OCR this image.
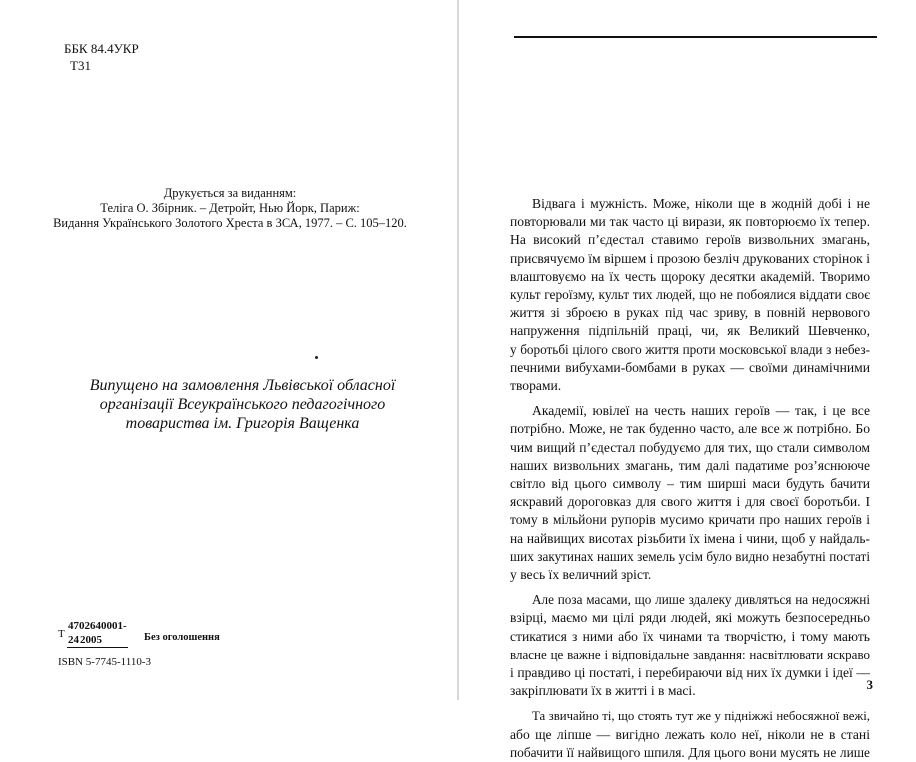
ББК 84.4УКР
Т31
Друкується за виданням:
Теліга О. Збірник. – Детройт, Нью Йорк, Париж:
Видання Українського Золотого Хреста в ЗСА, 1977. – С. 105–120.
Випущено на замовлення Львівської обласної
організації Всеукраїнського педагогічного
товариства ім. Григорія Ващенка
Т
4702640001-24 2005	Без оголошення
ISBN 5-7745-1110-3
Відвага і мужність. Може, ніколи ще в жодній добі і не
повторювали ми так часто ці вирази, як повторюємо їх тепер.
На високий п’єдестал ставимо героїв визвольних змагань,
присвячуємо їм віршем і прозою безліч друкованих сторінок і
влаштовуємо на їх честь щороку десятки академій. Творимо
культ героїзму, культ тих людей, що не побоялися віддати своє
життя зі зброєю в руках під час зриву, в повній нервового
напруження підпільній праці, чи, як Великий Шевченко,
у боротьбі цілого свого життя проти московської влади з небез-
печними вибухами-бомбами в руках — своїми динамічними
творами.
Академії, ювілеї на честь наших героїв — так, і це все
потрібно. Може, не так буденно часто, але все ж потрібно. Бо
чим вищий п’єдестал побудуємо для тих, що стали символом
наших визвольних змагань, тим далі падатиме роз’яснююче
світло від цього символу – тим ширші маси будуть бачити
яскравий дороговказ для свого життя і для своєї боротьби. І
тому в мільйони рупорів мусимо кричати про наших героїв і
на найвищих висотах різьбити їх імена і чини, щоб у найдаль-
ших закутинах наших земель усім було видно незабутні постаті
у весь їх величний зріст.
Але поза масами, що лише здалеку дивляться на недосяжні
взірці, маємо ми цілі ряди людей, які можуть безпосередньо
стикатися з ними або їх чинами та творчістю, і тому мають
власне це важне і відповідальне завдання: насвітлювати яскраво
і правдиво ці постаті, і перебираючи від них їх думки і ідеї —
закріплювати їх в житті і в масі.
Та звичайно ті, що стоять тут же у підніжжі небосяжної вежі,
або ще ліпше — вигідно лежать коло неї, ніколи не в стані
побачити її найвищого шпиля. Для цього вони мусять не лише
3
